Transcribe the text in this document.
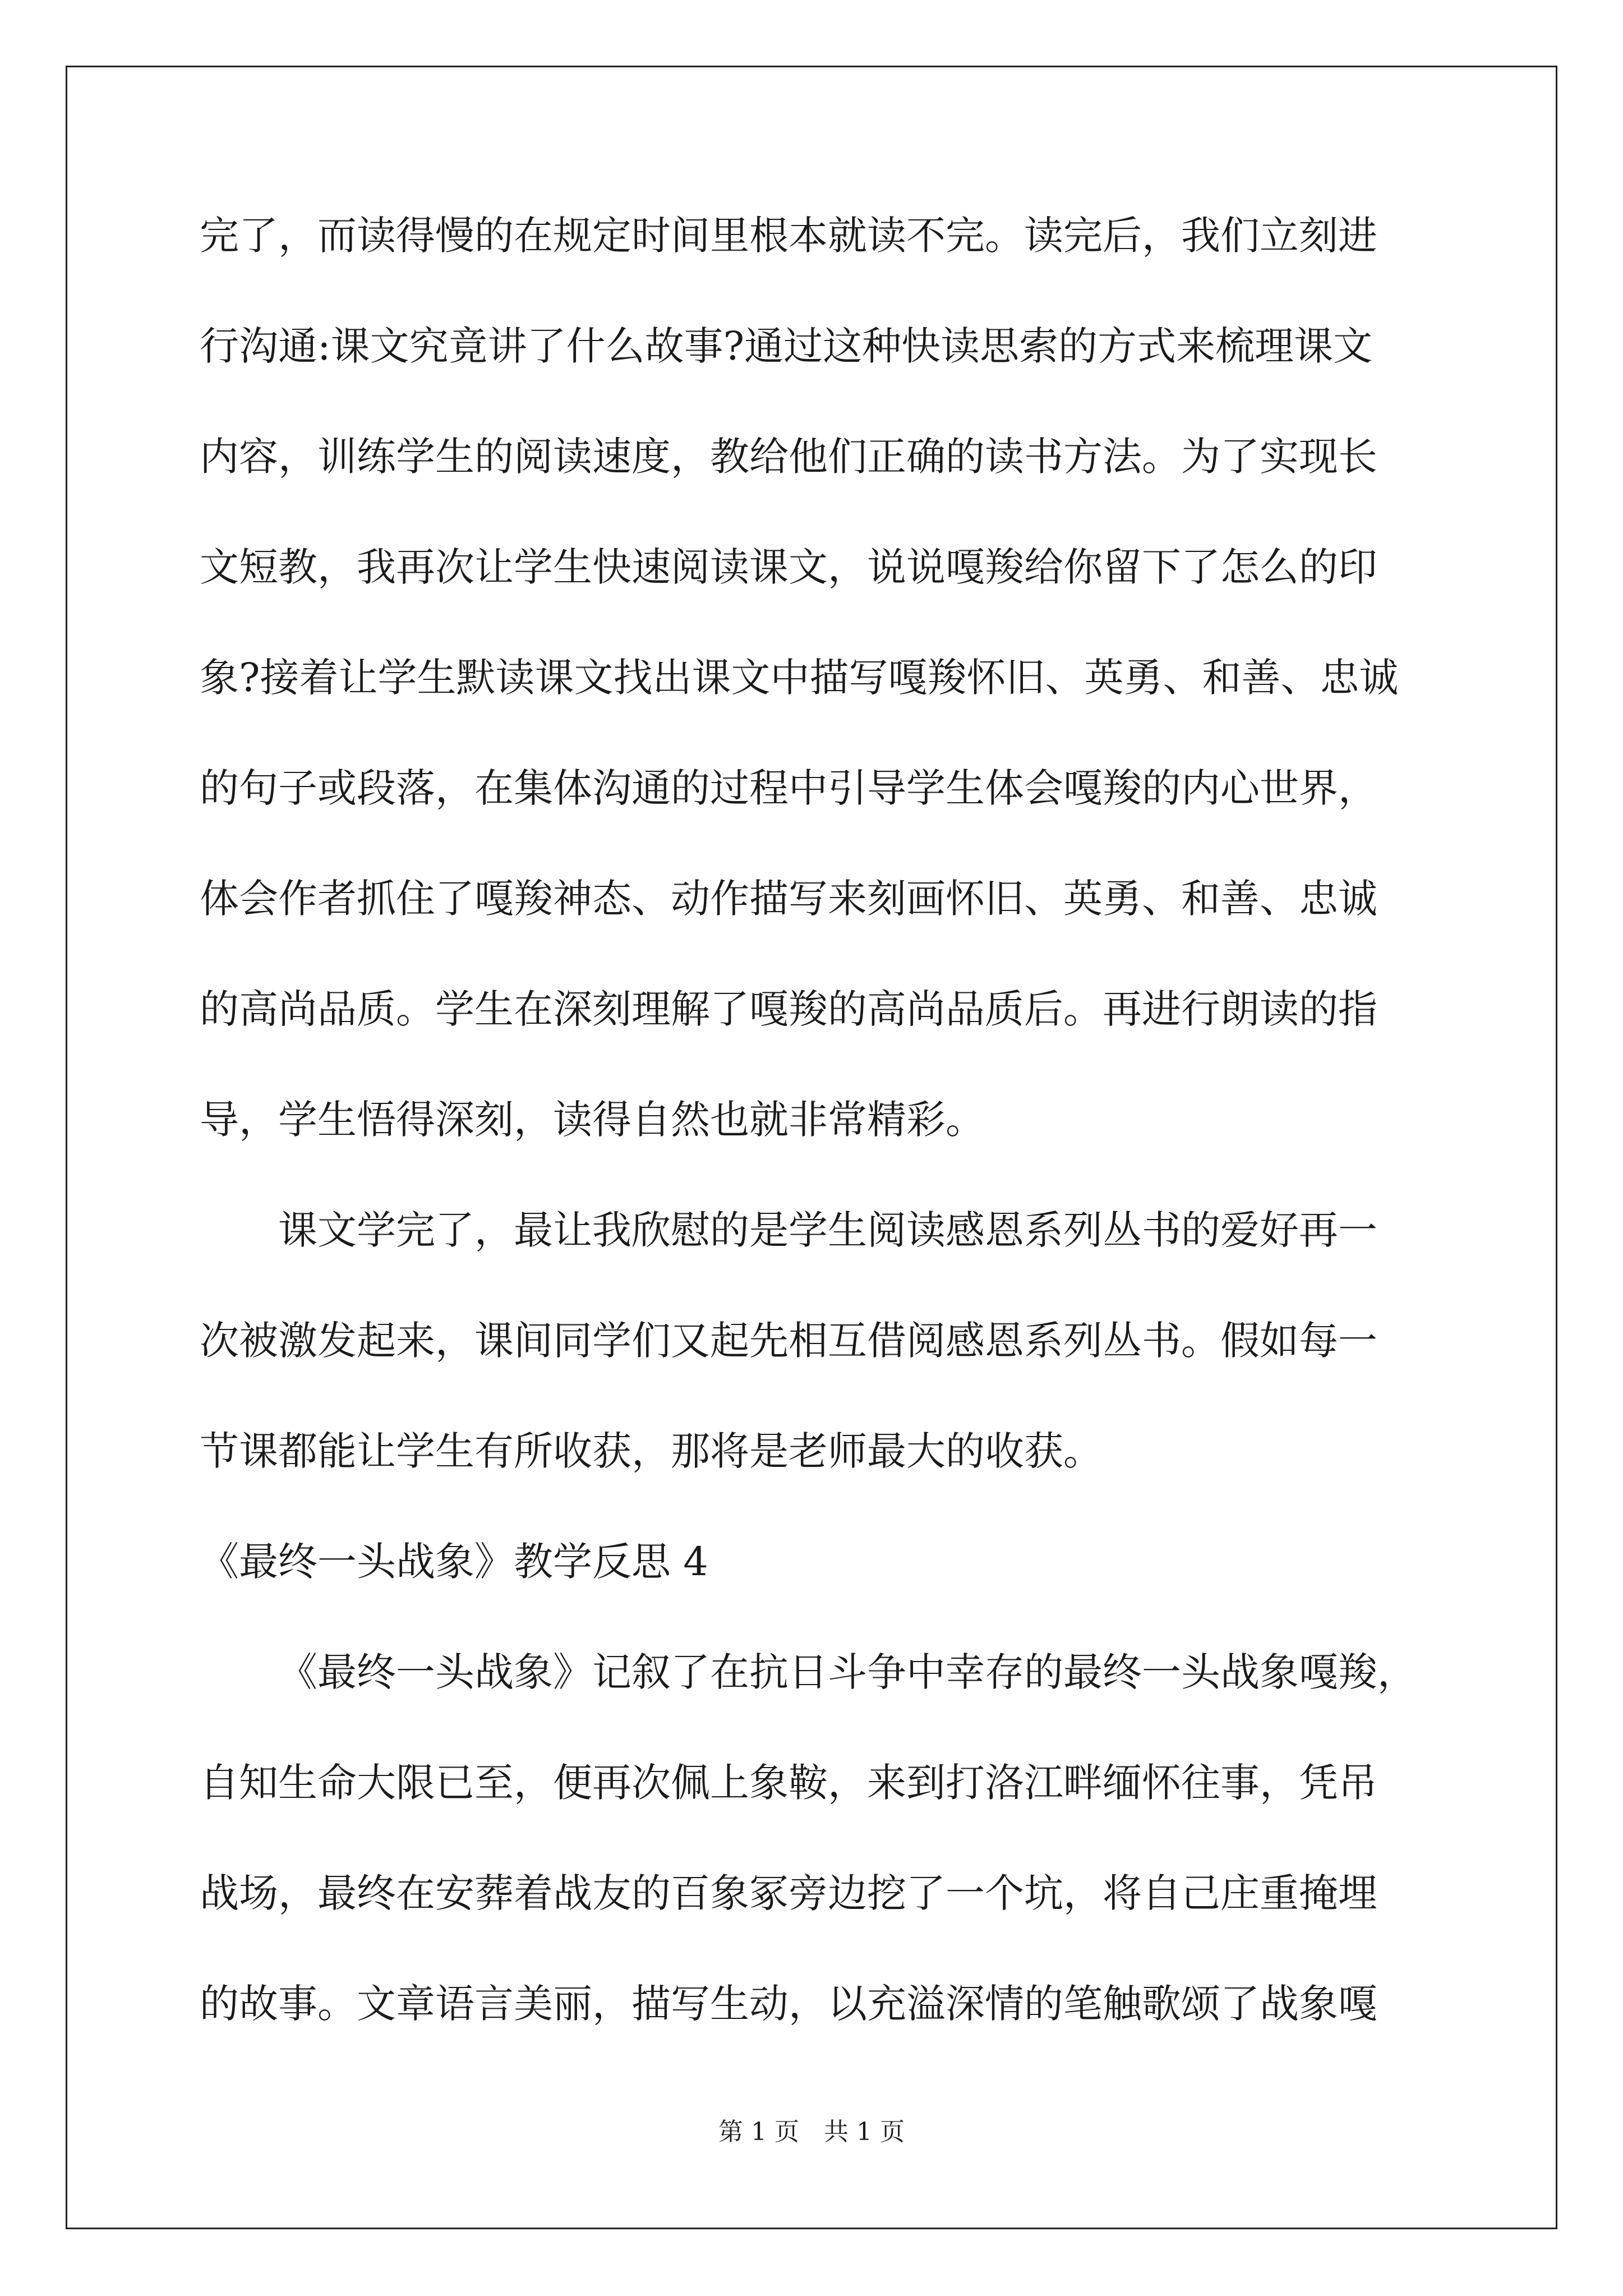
完了，而读得慢的在规定时间里根本就读不完。读完后，我们立刻进
行沟通:课文究竟讲了什么故事?通过这种快读思索的方式来梳理课文
内容，训练学生的阅读速度，教给他们正确的读书方法。为了实现长
文短教，我再次让学生快速阅读课文，说说嘎羧给你留下了怎么的印
象?接着让学生默读课文找出课文中描写嘎羧怀旧、英勇、和善、忠诚
的句子或段落，在集体沟通的过程中引导学生体会嘎羧的内心世界，
体会作者抓住了嘎羧神态、动作描写来刻画怀旧、英勇、和善、忠诚
的高尚品质。学生在深刻理解了嘎羧的高尚品质后。再进行朗读的指
导，学生悟得深刻，读得自然也就非常精彩。
课文学完了，最让我欣慰的是学生阅读感恩系列丛书的爱好再一
次被激发起来，课间同学们又起先相互借阅感恩系列丛书。假如每一
节课都能让学生有所收获，那将是老师最大的收获。
《最终一头战象》教学反思 4
《最终一头战象》记叙了在抗日斗争中幸存的最终一头战象嘎羧，
自知生命大限已至，便再次佩上象鞍，来到打洛江畔缅怀往事，凭吊
战场，最终在安葬着战友的百象冢旁边挖了一个坑，将自己庄重掩埋
的故事。文章语言美丽，描写生动，以充溢深情的笔触歌颂了战象嘎
第 1 页　共 1 页
